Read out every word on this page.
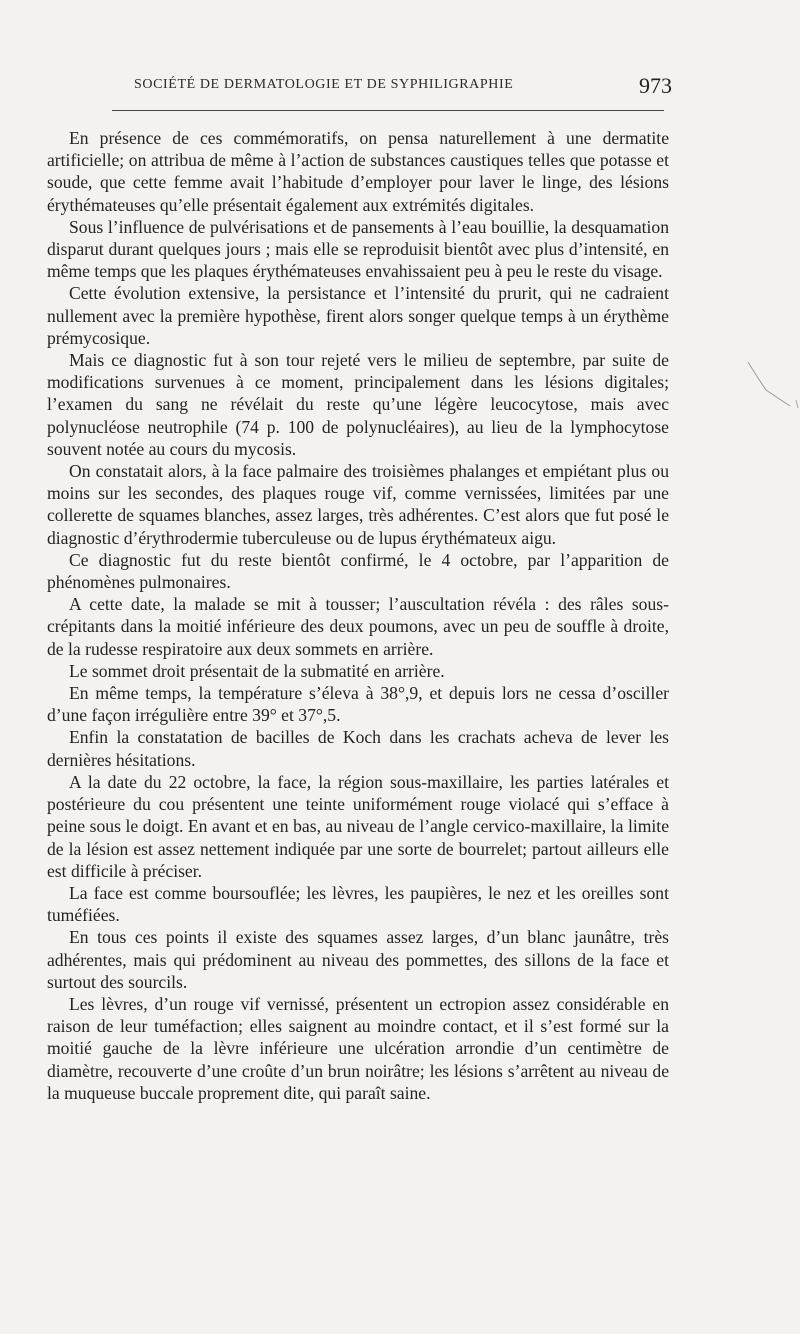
SOCIÉTÉ DE DERMATOLOGIE ET DE SYPHILIGRAPHIE	973

En présence de ces commémoratifs, on pensa naturellement à une dermatite artificielle; on attribua de même à l’action de substances caustiques telles que potasse et soude, que cette femme avait l’habitude d’employer pour laver le linge, des lésions érythémateuses qu’elle présentait également aux extrémités digitales.

Sous l’influence de pulvérisations et de pansements à l’eau bouillie, la desquamation disparut durant quelques jours ; mais elle se reproduisit bientôt avec plus d’intensité, en même temps que les plaques érythémateuses envahissaient peu à peu le reste du visage.

Cette évolution extensive, la persistance et l’intensité du prurit, qui ne cadraient nullement avec la première hypothèse, firent alors songer quelque temps à un érythème prémycosique.

Mais ce diagnostic fut à son tour rejeté vers le milieu de septembre, par suite de modifications survenues à ce moment, principalement dans les lésions digitales; l’examen du sang ne révélait du reste qu’une légère leucocytose, mais avec polynucléose neutrophile (74 p. 100 de polynucléaires), au lieu de la lymphocytose souvent notée au cours du mycosis.

On constatait alors, à la face palmaire des troisièmes phalanges et empiétant plus ou moins sur les secondes, des plaques rouge vif, comme vernissées, limitées par une collerette de squames blanches, assez larges, très adhérentes. C’est alors que fut posé le diagnostic d’érythrodermie tuberculeuse ou de lupus érythémateux aigu.

Ce diagnostic fut du reste bientôt confirmé, le 4 octobre, par l’apparition de phénomènes pulmonaires.

A cette date, la malade se mit à tousser; l’auscultation révéla : des râles sous-crépitants dans la moitié inférieure des deux poumons, avec un peu de souffle à droite, de la rudesse respiratoire aux deux sommets en arrière.

Le sommet droit présentait de la submatité en arrière.

En même temps, la température s’éleva à 38°,9, et depuis lors ne cessa d’osciller d’une façon irrégulière entre 39° et 37°,5.

Enfin la constatation de bacilles de Koch dans les crachats acheva de lever les dernières hésitations.

A la date du 22 octobre, la face, la région sous-maxillaire, les parties latérales et postérieure du cou présentent une teinte uniformément rouge violacé qui s’efface à peine sous le doigt. En avant et en bas, au niveau de l’angle cervico-maxillaire, la limite de la lésion est assez nettement indiquée par une sorte de bourrelet; partout ailleurs elle est difficile à préciser.

La face est comme boursouflée; les lèvres, les paupières, le nez et les oreilles sont tuméfiées.

En tous ces points il existe des squames assez larges, d’un blanc jaunâtre, très adhérentes, mais qui prédominent au niveau des pommettes, des sillons de la face et surtout des sourcils.

Les lèvres, d’un rouge vif vernissé, présentent un ectropion assez considérable en raison de leur tuméfaction; elles saignent au moindre contact, et il s’est formé sur la moitié gauche de la lèvre inférieure une ulcération arrondie d’un centimètre de diamètre, recouverte d’une croûte d’un brun noirâtre; les lésions s’arrêtent au niveau de la muqueuse buccale proprement dite, qui paraît saine.
